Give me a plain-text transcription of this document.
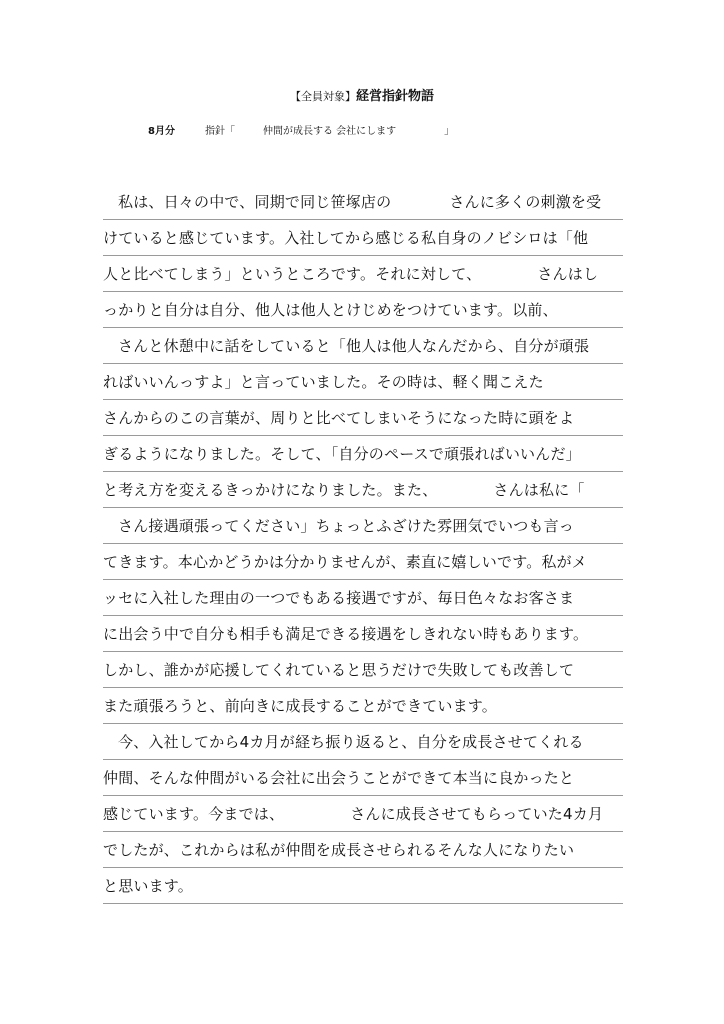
【全員対象】経営指針物語
8月分	指針「	仲間が成長する 会社にします	」
私は、日々の中で、同期で同じ笹塚店の	さんに多くの刺激を受
けていると感じています。入社してから感じる私自身のノビシロは「他
人と比べてしまう」というところです。それに対して、	さんはし
っかりと自分は自分、他人は他人とけじめをつけています。以前、
さんと休憩中に話をしていると「他人は他人なんだから、自分が頑張
ればいいんっすよ」と言っていました。その時は、軽く聞こえた
さんからのこの言葉が、周りと比べてしまいそうになった時に頭をよ
ぎるようになりました。そして、「自分のペースで頑張ればいいんだ」
と考え方を変えるきっかけになりました。また、	さんは私に「
さん接遇頑張ってください」ちょっとふざけた雰囲気でいつも言っ
てきます。本心かどうかは分かりませんが、素直に嬉しいです。私がメ
ッセに入社した理由の一つでもある接遇ですが、毎日色々なお客さま
に出会う中で自分も相手も満足できる接遇をしきれない時もあります。
しかし、誰かが応援してくれていると思うだけで失敗しても改善して
また頑張ろうと、前向きに成長することができています。
今、入社してから4カ月が経ち振り返ると、自分を成長させてくれる
仲間、そんな仲間がいる会社に出会うことができて本当に良かったと
感じています。今までは、	さんに成長させてもらっていた4カ月
でしたが、これからは私が仲間を成長させられるそんな人になりたい
と思います。
